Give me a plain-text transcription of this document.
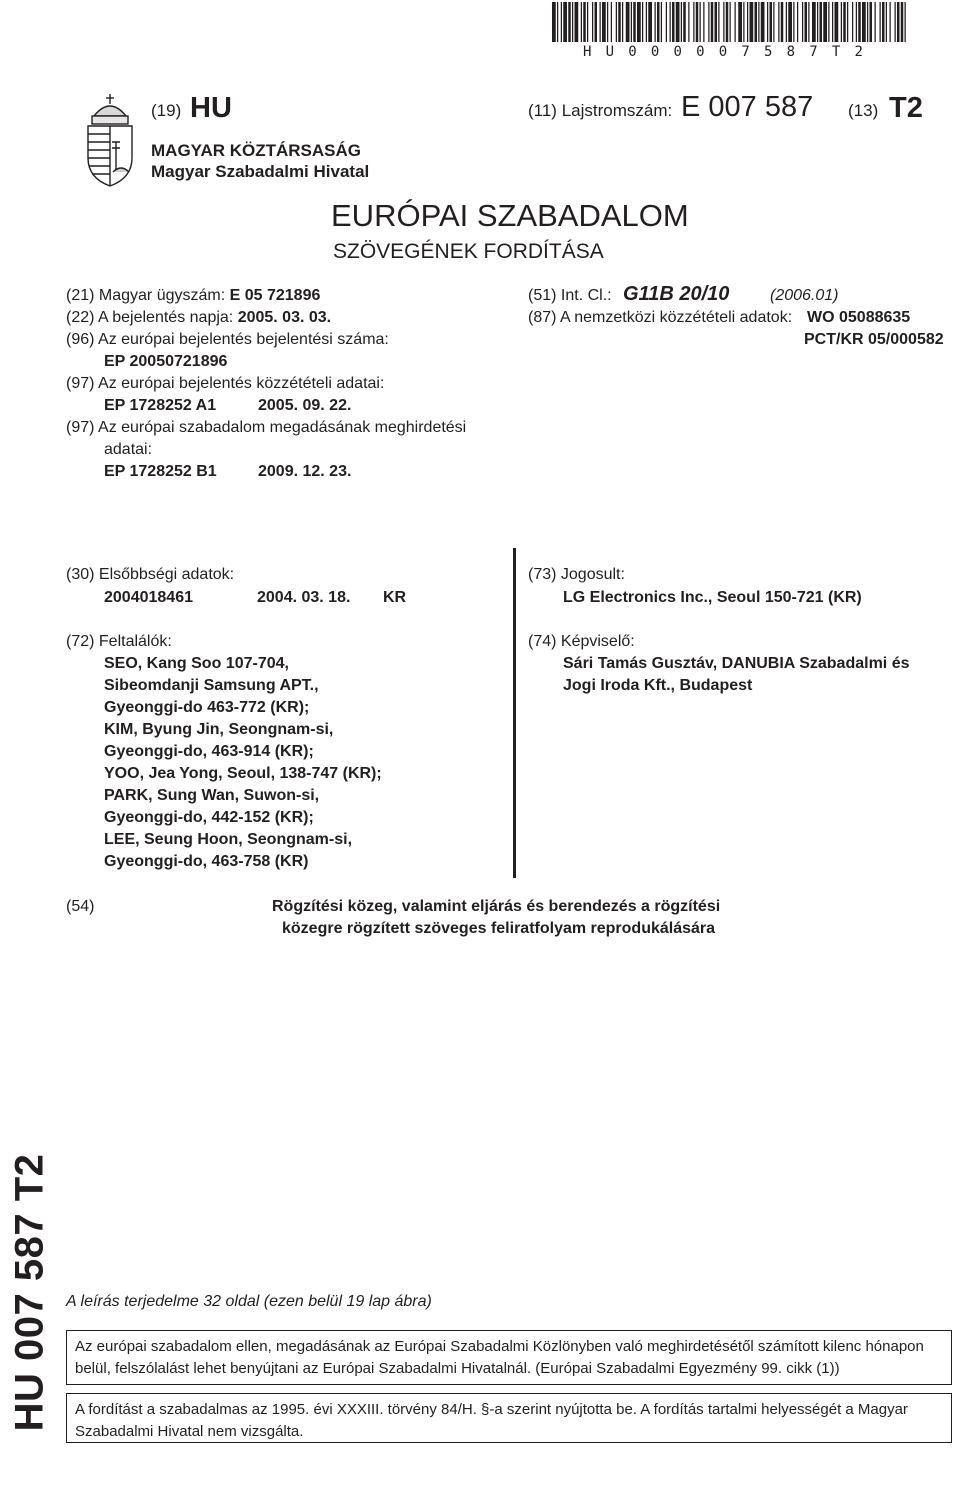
HU000007587T2
(19) HU	(11) Lajstromszám: E 007 587 (13) T2
MAGYAR KÖZTÁRSASÁG
Magyar Szabadalmi Hivatal
EURÓPAI SZABADALOM
SZÖVEGÉNEK FORDÍTÁSA
(21) Magyar ügyszám: E 05 721896
(22) A bejelentés napja: 2005. 03. 03.
(96) Az európai bejelentés bejelentési száma:
EP 20050721896
(97) Az európai bejelentés közzétételi adatai:
EP 1728252 A1	2005. 09. 22.
(97) Az európai szabadalom megadásának meghirdetési
adatai:
EP 1728252 B1	2009. 12. 23.
(51) Int. Cl.: G11B 20/10	(2006.01)
(87) A nemzetközi közzétételi adatok: WO 05088635
PCT/KR 05/000582
(30) Elsőbbségi adatok:
2004018461	2004. 03. 18. KR
(72) Feltalálók:
SEO, Kang Soo 107-704,
Sibeomdanji Samsung APT.,
Gyeonggi-do 463-772 (KR);
KIM, Byung Jin, Seongnam-si,
Gyeonggi-do, 463-914 (KR);
YOO, Jea Yong, Seoul, 138-747 (KR);
PARK, Sung Wan, Suwon-si,
Gyeonggi-do, 442-152 (KR);
LEE, Seung Hoon, Seongnam-si,
Gyeonggi-do, 463-758 (KR)
(73) Jogosult:
LG Electronics Inc., Seoul 150-721 (KR)
(74) Képviselő:
Sári Tamás Gusztáv, DANUBIA Szabadalmi és
Jogi Iroda Kft., Budapest
(54)	Rögzítési közeg, valamint eljárás és berendezés a rögzítési
közegre rögzített szöveges feliratfolyam reprodukálására
HU 007 587 T2 A leírás terjedelme 32 oldal (ezen belül 19 lap ábra)
Az európai szabadalom ellen, megadásának az Európai Szabadalmi Közlönyben való meghirdetésétől számított kilenc hónapon belül, felszólalást lehet benyújtani az Európai Szabadalmi Hivatalnál. (Európai Szabadalmi Egyezmény 99. cikk (1))
A fordítást a szabadalmas az 1995. évi XXXIII. törvény 84/H. §-a szerint nyújtotta be. A fordítás tartalmi helyességét a Magyar Szabadalmi Hivatal nem vizsgálta.
